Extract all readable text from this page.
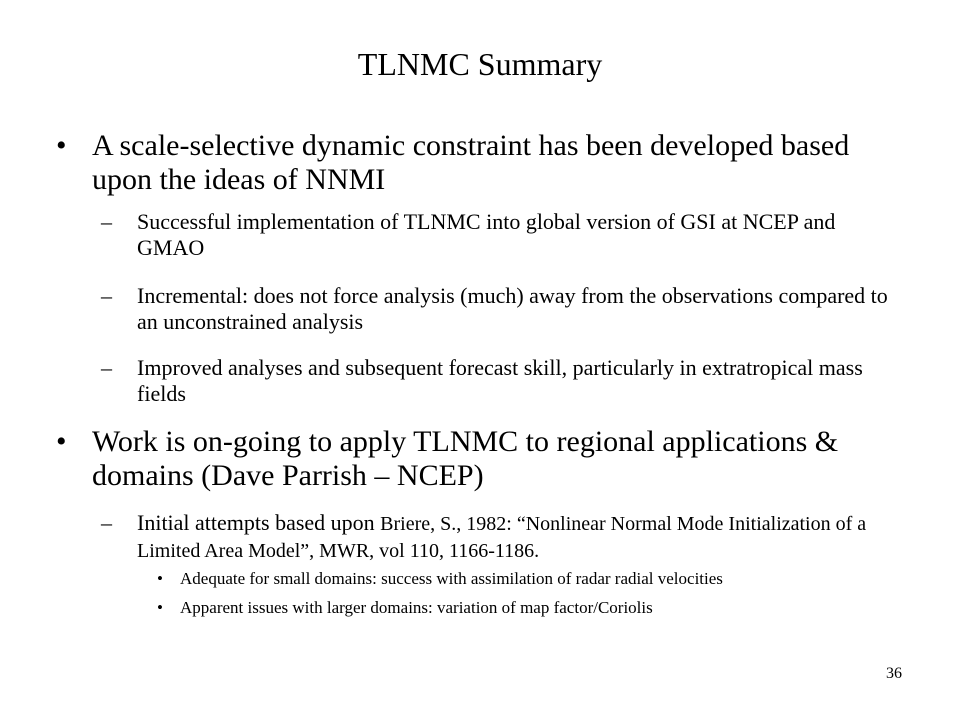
TLNMC Summary
• A scale-selective dynamic constraint has been developed based upon the ideas of NNMI
– Successful implementation of TLNMC into global version of GSI at NCEP and GMAO
– Incremental: does not force analysis (much) away from the observations compared to an unconstrained analysis
– Improved analyses and subsequent forecast skill, particularly in extratropical mass fields
• Work is on-going to apply TLNMC to regional applications & domains (Dave Parrish – NCEP)
– Initial attempts based upon Briere, S., 1982: “Nonlinear Normal Mode Initialization of a Limited Area Model”, MWR, vol 110, 1166-1186.
• Adequate for small domains: success with assimilation of radar radial velocities
• Apparent issues with larger domains: variation of map factor/Coriolis
36
